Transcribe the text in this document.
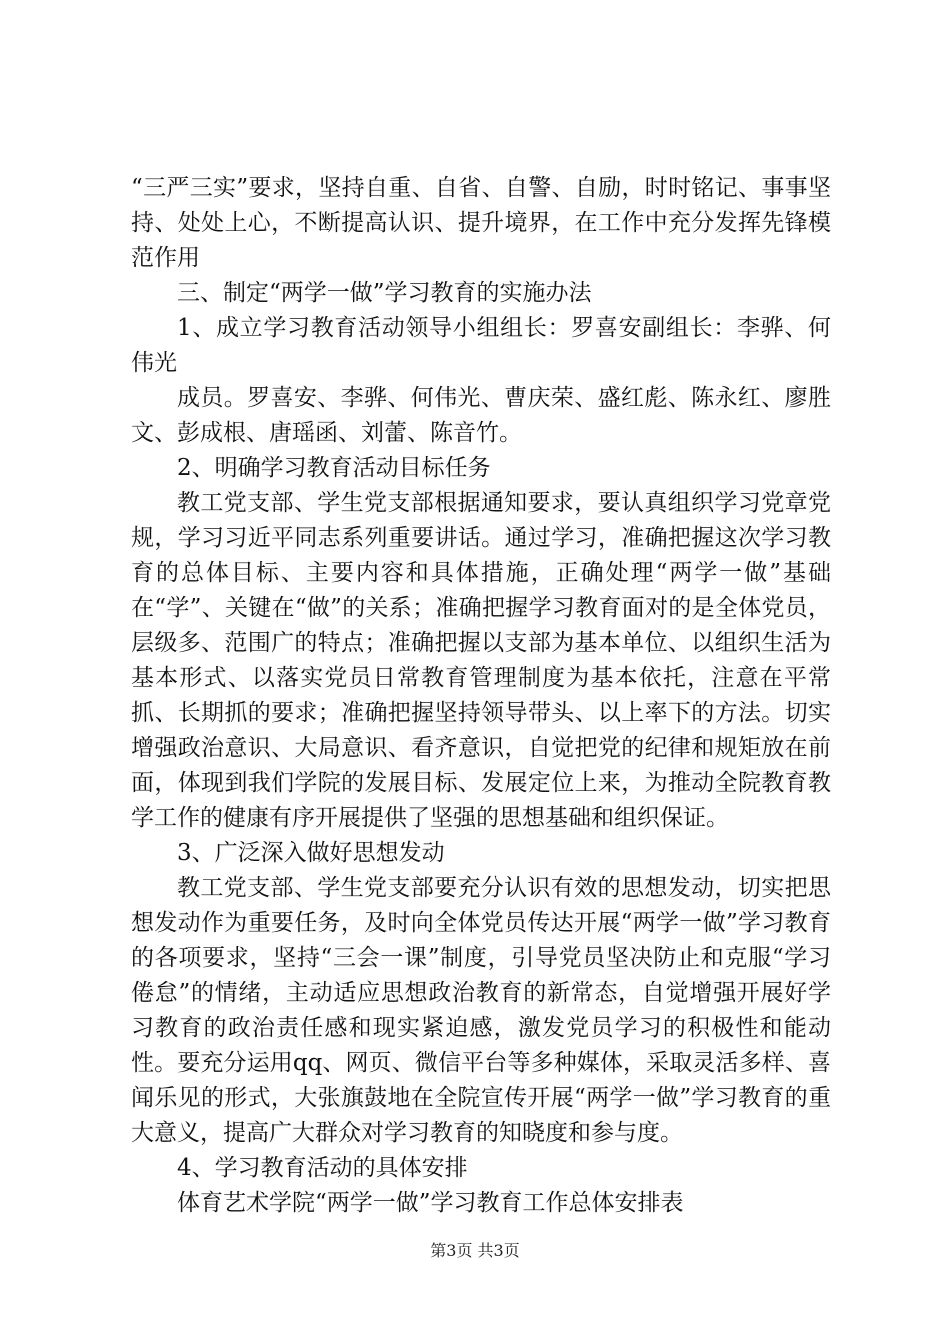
“三严三实”要求，坚持自重、自省、自警、自励，时时铭记、事事坚持、处处上心，不断提高认识、提升境界，在工作中充分发挥先锋模范作用

三、制定“两学一做”学习教育的实施办法

1、成立学习教育活动领导小组组长：罗喜安副组长：李骅、何伟光

成员。罗喜安、李骅、何伟光、曹庆荣、盛红彪、陈永红、廖胜文、彭成根、唐瑶函、刘蕾、陈音竹。

2、明确学习教育活动目标任务

教工党支部、学生党支部根据通知要求，要认真组织学习党章党规，学习习近平同志系列重要讲话。通过学习，准确把握这次学习教育的总体目标、主要内容和具体措施，正确处理“两学一做”基础在“学”、关键在“做”的关系；准确把握学习教育面对的是全体党员，层级多、范围广的特点；准确把握以支部为基本单位、以组织生活为基本形式、以落实党员日常教育管理制度为基本依托，注意在平常抓、长期抓的要求；准确把握坚持领导带头、以上率下的方法。切实增强政治意识、大局意识、看齐意识，自觉把党的纪律和规矩放在前面，体现到我们学院的发展目标、发展定位上来，为推动全院教育教学工作的健康有序开展提供了坚强的思想基础和组织保证。

3、广泛深入做好思想发动

教工党支部、学生党支部要充分认识有效的思想发动，切实把思想发动作为重要任务，及时向全体党员传达开展“两学一做”学习教育的各项要求，坚持“三会一课”制度，引导党员坚决防止和克服“学习倦怠”的情绪，主动适应思想政治教育的新常态，自觉增强开展好学习教育的政治责任感和现实紧迫感，激发党员学习的积极性和能动性。要充分运用qq、网页、微信平台等多种媒体，采取灵活多样、喜闻乐见的形式，大张旗鼓地在全院宣传开展“两学一做”学习教育的重大意义，提高广大群众对学习教育的知晓度和参与度。

4、学习教育活动的具体安排

体育艺术学院“两学一做”学习教育工作总体安排表

第3页 共3页
